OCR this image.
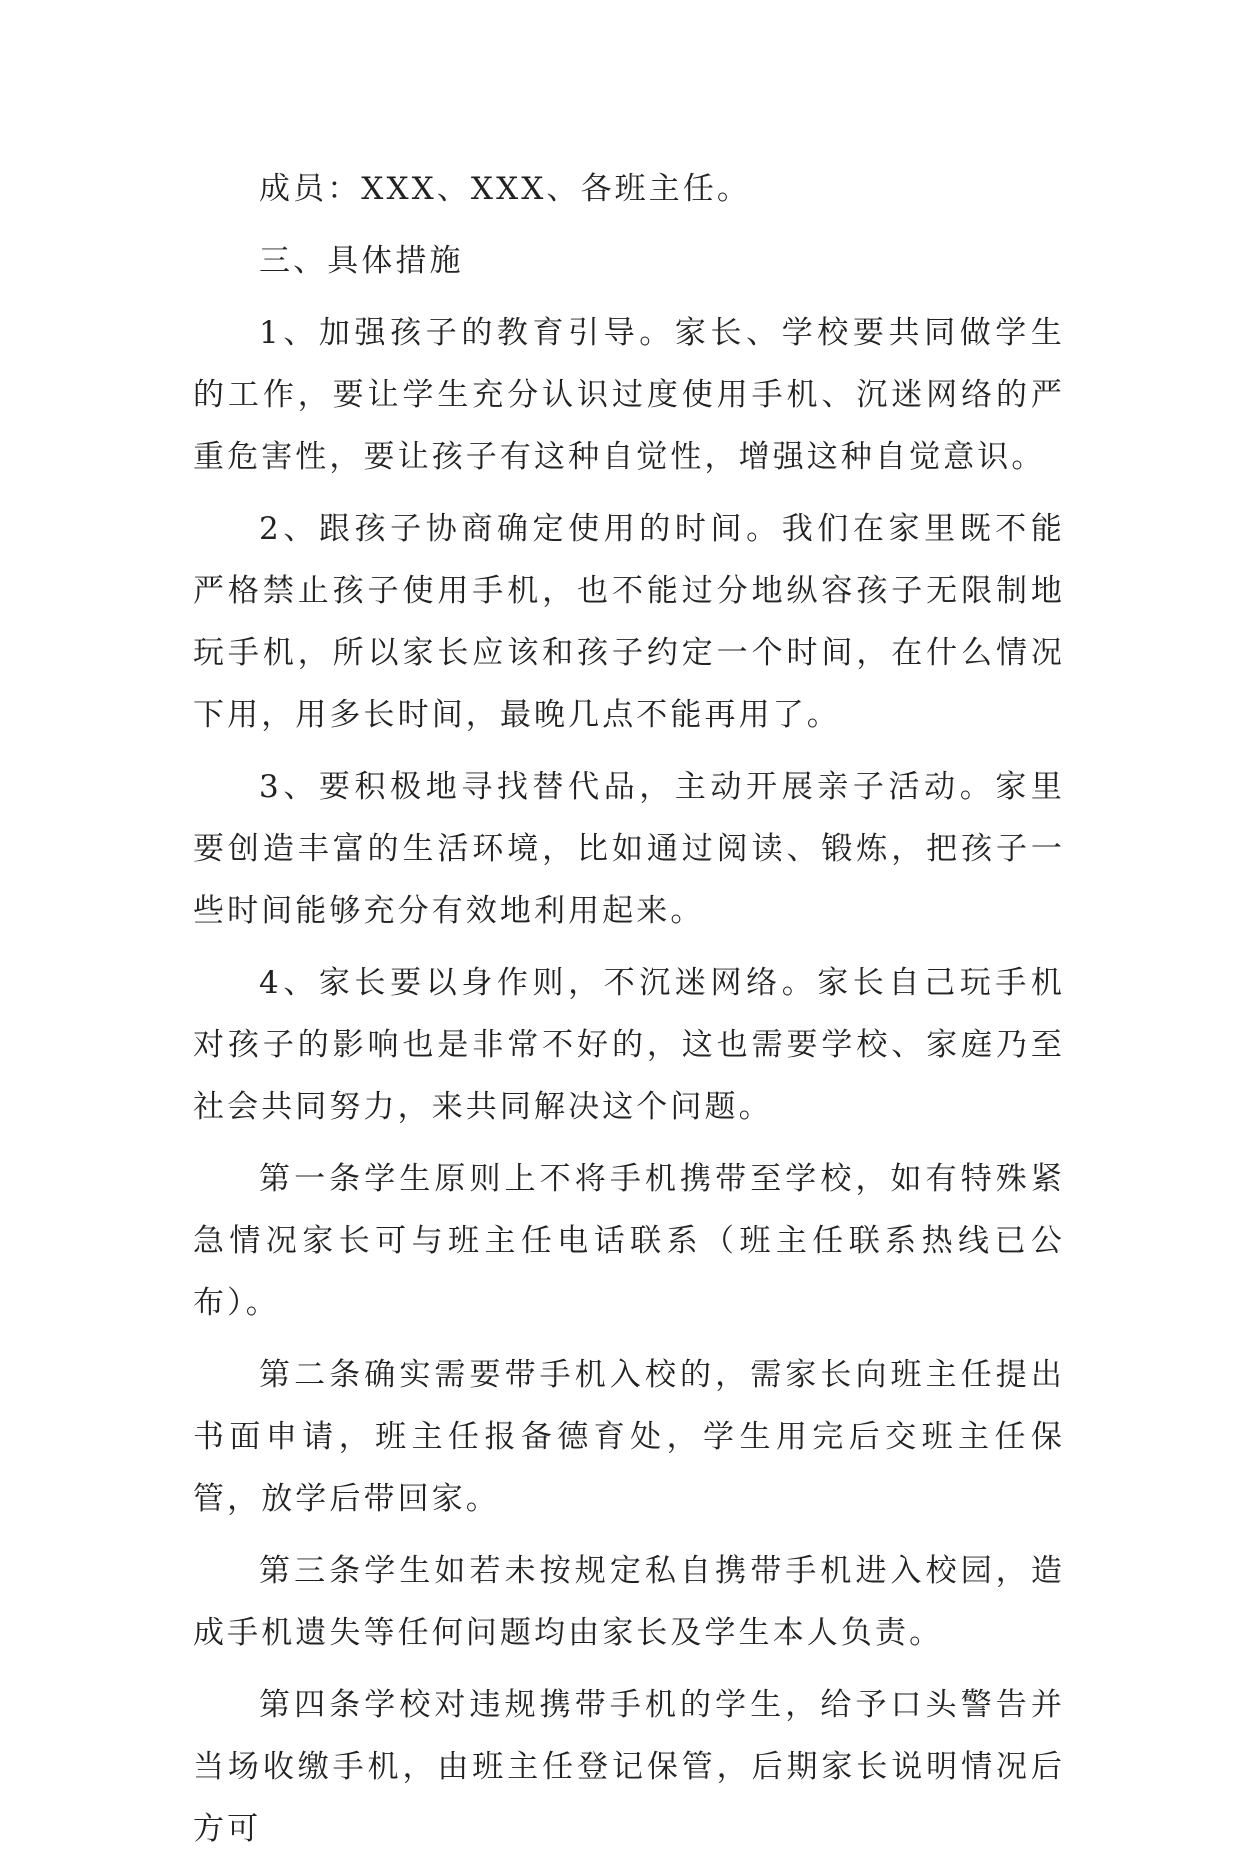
成员：XXX、XXX、各班主任。

三、具体措施

1、加强孩子的教育引导。家长、学校要共同做学生的工作，要让学生充分认识过度使用手机、沉迷网络的严重危害性，要让孩子有这种自觉性，增强这种自觉意识。

2、跟孩子协商确定使用的时间。我们在家里既不能严格禁止孩子使用手机，也不能过分地纵容孩子无限制地玩手机，所以家长应该和孩子约定一个时间，在什么情况下用，用多长时间，最晚几点不能再用了。

3、要积极地寻找替代品，主动开展亲子活动。家里要创造丰富的生活环境，比如通过阅读、锻炼，把孩子一些时间能够充分有效地利用起来。

4、家长要以身作则，不沉迷网络。家长自己玩手机对孩子的影响也是非常不好的，这也需要学校、家庭乃至社会共同努力，来共同解决这个问题。

第一条学生原则上不将手机携带至学校，如有特殊紧急情况家长可与班主任电话联系（班主任联系热线已公布）。

第二条确实需要带手机入校的，需家长向班主任提出书面申请，班主任报备德育处，学生用完后交班主任保管，放学后带回家。

第三条学生如若未按规定私自携带手机进入校园，造成手机遗失等任何问题均由家长及学生本人负责。

第四条学校对违规携带手机的学生，给予口头警告并当场收缴手机，由班主任登记保管，后期家长说明情况后方可
